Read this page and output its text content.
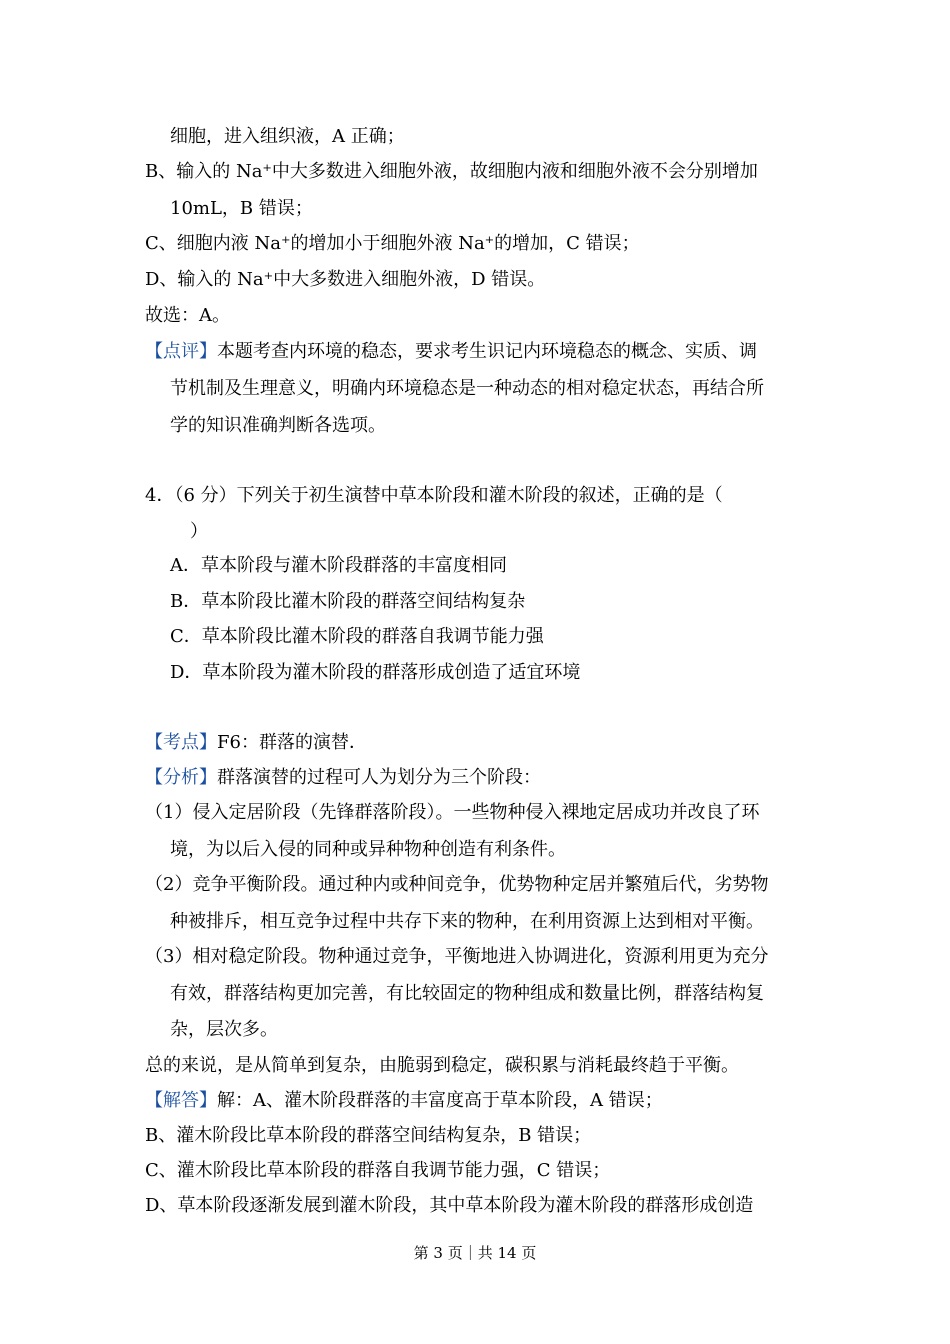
细胞，进入组织液，A 正确；
B、输入的 Na⁺中大多数进入细胞外液，故细胞内液和细胞外液不会分别增加
10mL，B 错误；
C、细胞内液 Na⁺的增加小于细胞外液 Na⁺的增加，C 错误；
D、输入的 Na⁺中大多数进入细胞外液，D 错误。
故选：A。
【点评】本题考查内环境的稳态，要求考生识记内环境稳态的概念、实质、调
节机制及生理意义，明确内环境稳态是一种动态的相对稳定状态，再结合所
学的知识准确判断各选项。
4．（6 分）下列关于初生演替中草本阶段和灌木阶段的叙述，正确的是（
）
A．草本阶段与灌木阶段群落的丰富度相同
B．草本阶段比灌木阶段的群落空间结构复杂
C．草本阶段比灌木阶段的群落自我调节能力强
D．草本阶段为灌木阶段的群落形成创造了适宜环境
【考点】F6：群落的演替．
【分析】群落演替的过程可人为划分为三个阶段：
（1）侵入定居阶段（先锋群落阶段）。一些物种侵入裸地定居成功并改良了环
境，为以后入侵的同种或异种物种创造有利条件。
（2）竞争平衡阶段。通过种内或种间竞争，优势物种定居并繁殖后代，劣势物
种被排斥，相互竞争过程中共存下来的物种，在利用资源上达到相对平衡。
（3）相对稳定阶段。物种通过竞争，平衡地进入协调进化，资源利用更为充分
有效，群落结构更加完善，有比较固定的物种组成和数量比例，群落结构复
杂，层次多。
总的来说，是从简单到复杂，由脆弱到稳定，碳积累与消耗最终趋于平衡。
【解答】解：A、灌木阶段群落的丰富度高于草本阶段，A 错误；
B、灌木阶段比草本阶段的群落空间结构复杂，B 错误；
C、灌木阶段比草本阶段的群落自我调节能力强，C 错误；
D、草本阶段逐渐发展到灌木阶段，其中草本阶段为灌木阶段的群落形成创造
第 3 页｜共 14 页
